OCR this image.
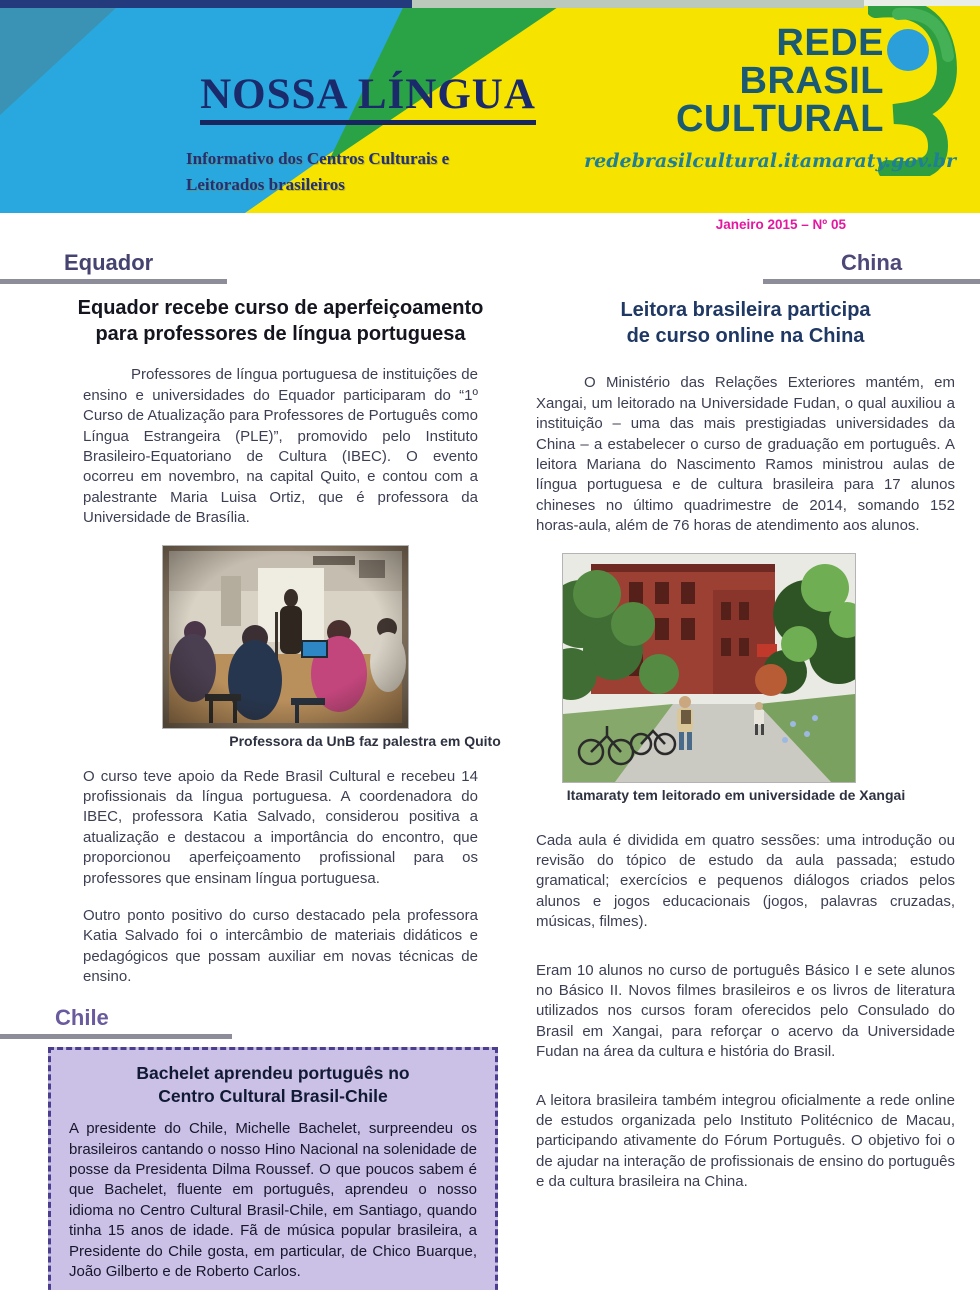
NOSSA LÍNGUA
Informativo dos Centros Culturais e
Leitorados brasileiros
REDE
BRASIL
CULTURAL
redebrasilcultural.itamaraty.gov.br
Janeiro 2015 – Nº 05
Equador
Equador recebe curso de aperfeiçoamento
para professores de língua portuguesa

Professores de língua portuguesa de instituições de ensino e universidades do Equador participaram do “1º Curso de Atualização para Professores de Português como Língua Estrangeira (PLE)”, promovido pelo Instituto Brasileiro-Equatoriano de Cultura (IBEC). O evento ocorreu em novembro, na capital Quito, e contou com a palestrante Maria Luisa Ortiz, que é professora da Universidade de Brasília.

Professora da UnB faz palestra em Quito

O curso teve apoio da Rede Brasil Cultural e recebeu 14 profissionais da língua portuguesa. A coordenadora do IBEC, professora Katia Salvado, considerou positiva a atualização e destacou a importância do encontro, que proporcionou aperfeiçoamento profissional para os professores que ensinam língua portuguesa.

Outro ponto positivo do curso destacado pela professora Katia Salvado foi o intercâmbio de materiais didáticos e pedagógicos que possam auxiliar em novas técnicas de ensino.

Chile
Bachelet aprendeu português no
Centro Cultural Brasil-Chile

A presidente do Chile, Michelle Bachelet, surpreendeu os brasileiros cantando o nosso Hino Nacional na solenidade de posse da Presidenta Dilma Roussef. O que poucos sabem é que Bachelet, fluente em português, aprendeu o nosso idioma no Centro Cultural Brasil-Chile, em Santiago, quando tinha 15 anos de idade. Fã de música popular brasileira, a Presidente do Chile gosta, em particular, de Chico Buarque, João Gilberto e de Roberto Carlos.

China
Leitora brasileira participa
de curso online na China

O Ministério das Relações Exteriores mantém, em Xangai, um leitorado na Universidade Fudan, o qual auxiliou a instituição – uma das mais prestigiadas universidades da China – a estabelecer o curso de graduação em português. A leitora Mariana do Nascimento Ramos ministrou aulas de língua portuguesa e de cultura brasileira para 17 alunos chineses no último quadrimestre de 2014, somando 152 horas-aula, além de 76 horas de atendimento aos alunos.

Itamaraty tem leitorado em universidade de Xangai

Cada aula é dividida em quatro sessões: uma introdução ou revisão do tópico de estudo da aula passada; estudo gramatical; exercícios e pequenos diálogos criados pelos alunos e jogos educacionais (jogos, palavras cruzadas, músicas, filmes).

Eram 10 alunos no curso de português Básico I e sete alunos no Básico II. Novos filmes brasileiros e os livros de literatura utilizados nos cursos foram oferecidos pelo Consulado do Brasil em Xangai, para reforçar o acervo da Universidade Fudan na área da cultura e história do Brasil.

A leitora brasileira também integrou oficialmente a rede online de estudos organizada pelo Instituto Politécnico de Macau, participando ativamente do Fórum Português. O objetivo foi o de ajudar na interação de profissionais de ensino do português e da cultura brasileira na China.
